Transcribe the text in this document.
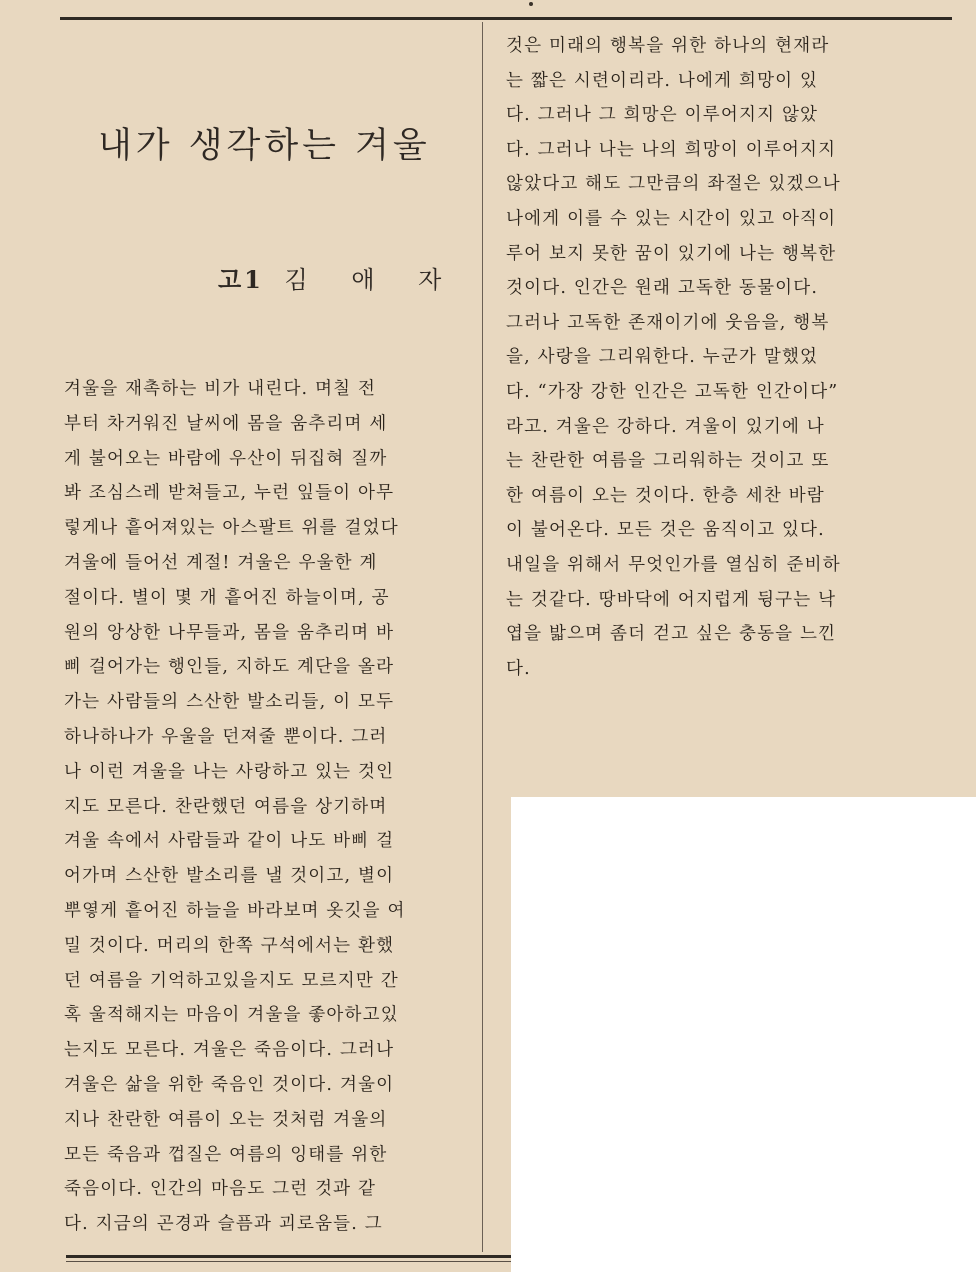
내가 생각하는 겨울
고1 김 애 자
겨울을 재촉하는 비가 내린다. 며칠 전
부터 차거워진 날씨에 몸을 움추리며 세
게 불어오는 바람에 우산이 뒤집혀 질까
봐 조심스레 받쳐들고, 누런 잎들이 아무
렇게나 흩어져있는 아스팔트 위를 걸었다
겨울에 들어선 계절! 겨울은 우울한 계
절이다. 별이 몇 개 흩어진 하늘이며, 공
원의 앙상한 나무들과, 몸을 움추리며 바
삐 걸어가는 행인들, 지하도 계단을 올라
가는 사람들의 스산한 발소리들, 이 모두
하나하나가 우울을 던져줄 뿐이다. 그러
나 이런 겨울을 나는 사랑하고 있는 것인
지도 모른다. 찬란했던 여름을 상기하며
겨울 속에서 사람들과 같이 나도 바삐 걸
어가며 스산한 발소리를 낼 것이고, 별이
뿌옇게 흩어진 하늘을 바라보며 옷깃을 여
밀 것이다. 머리의 한쪽 구석에서는 환했
던 여름을 기억하고있을지도 모르지만 간
혹 울적해지는 마음이 겨울을 좋아하고있
는지도 모른다. 겨울은 죽음이다. 그러나
겨울은 삶을 위한 죽음인 것이다. 겨울이
지나 찬란한 여름이 오는 것처럼 겨울의
모든 죽음과 껍질은 여름의 잉태를 위한
죽음이다. 인간의 마음도 그런 것과 같
다. 지금의 곤경과 슬픔과 괴로움들. 그
것은 미래의 행복을 위한 하나의 현재라
는 짧은 시련이리라. 나에게 희망이 있
다. 그러나 그 희망은 이루어지지 않았
다. 그러나 나는 나의 희망이 이루어지지
않았다고 해도 그만큼의 좌절은 있겠으나
나에게 이를 수 있는 시간이 있고 아직이
루어 보지 못한 꿈이 있기에 나는 행복한
것이다. 인간은 원래 고독한 동물이다.
그러나 고독한 존재이기에 웃음을, 행복
을, 사랑을 그리워한다. 누군가 말했었
다. “가장 강한 인간은 고독한 인간이다”
라고. 겨울은 강하다. 겨울이 있기에 나
는 찬란한 여름을 그리워하는 것이고 또
한 여름이 오는 것이다. 한층 세찬 바람
이 불어온다. 모든 것은 움직이고 있다.
내일을 위해서 무엇인가를 열심히 준비하
는 것같다. 땅바닥에 어지럽게 뒹구는 낙
엽을 밟으며 좀더 걷고 싶은 충동을 느낀
다.
